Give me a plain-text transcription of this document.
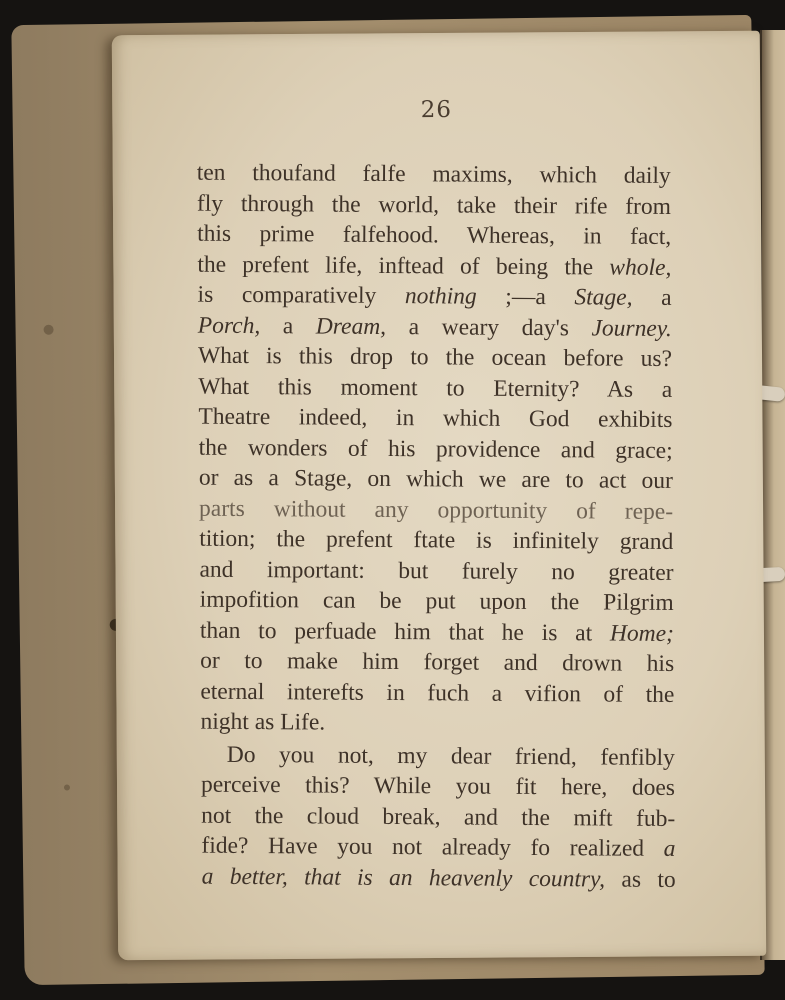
26
ten thoufand falfe maxims, which daily
fly through the world, take their rife from
this prime falfehood. Whereas, in fact,
the prefent life, inftead of being the whole,
is comparatively nothing ;—a Stage, a
Porch, a Dream, a weary day's Journey.
What is this drop to the ocean before us?
What this moment to Eternity? As a
Theatre indeed, in which God exhibits
the wonders of his providence and grace;
or as a Stage, on which we are to act our
parts without any opportunity of repe-
tition; the prefent ftate is infinitely grand
and important: but furely no greater
impofition can be put upon the Pilgrim
than to perfuade him that he is at Home;
or to make him forget and drown his
eternal interefts in fuch a vifion of the
night as Life.
Do you not, my dear friend, fenfibly
perceive this? While you fit here, does
not the cloud break, and the mift fub-
fide? Have you not already fo realized a
a better, that is an heavenly country, as to
